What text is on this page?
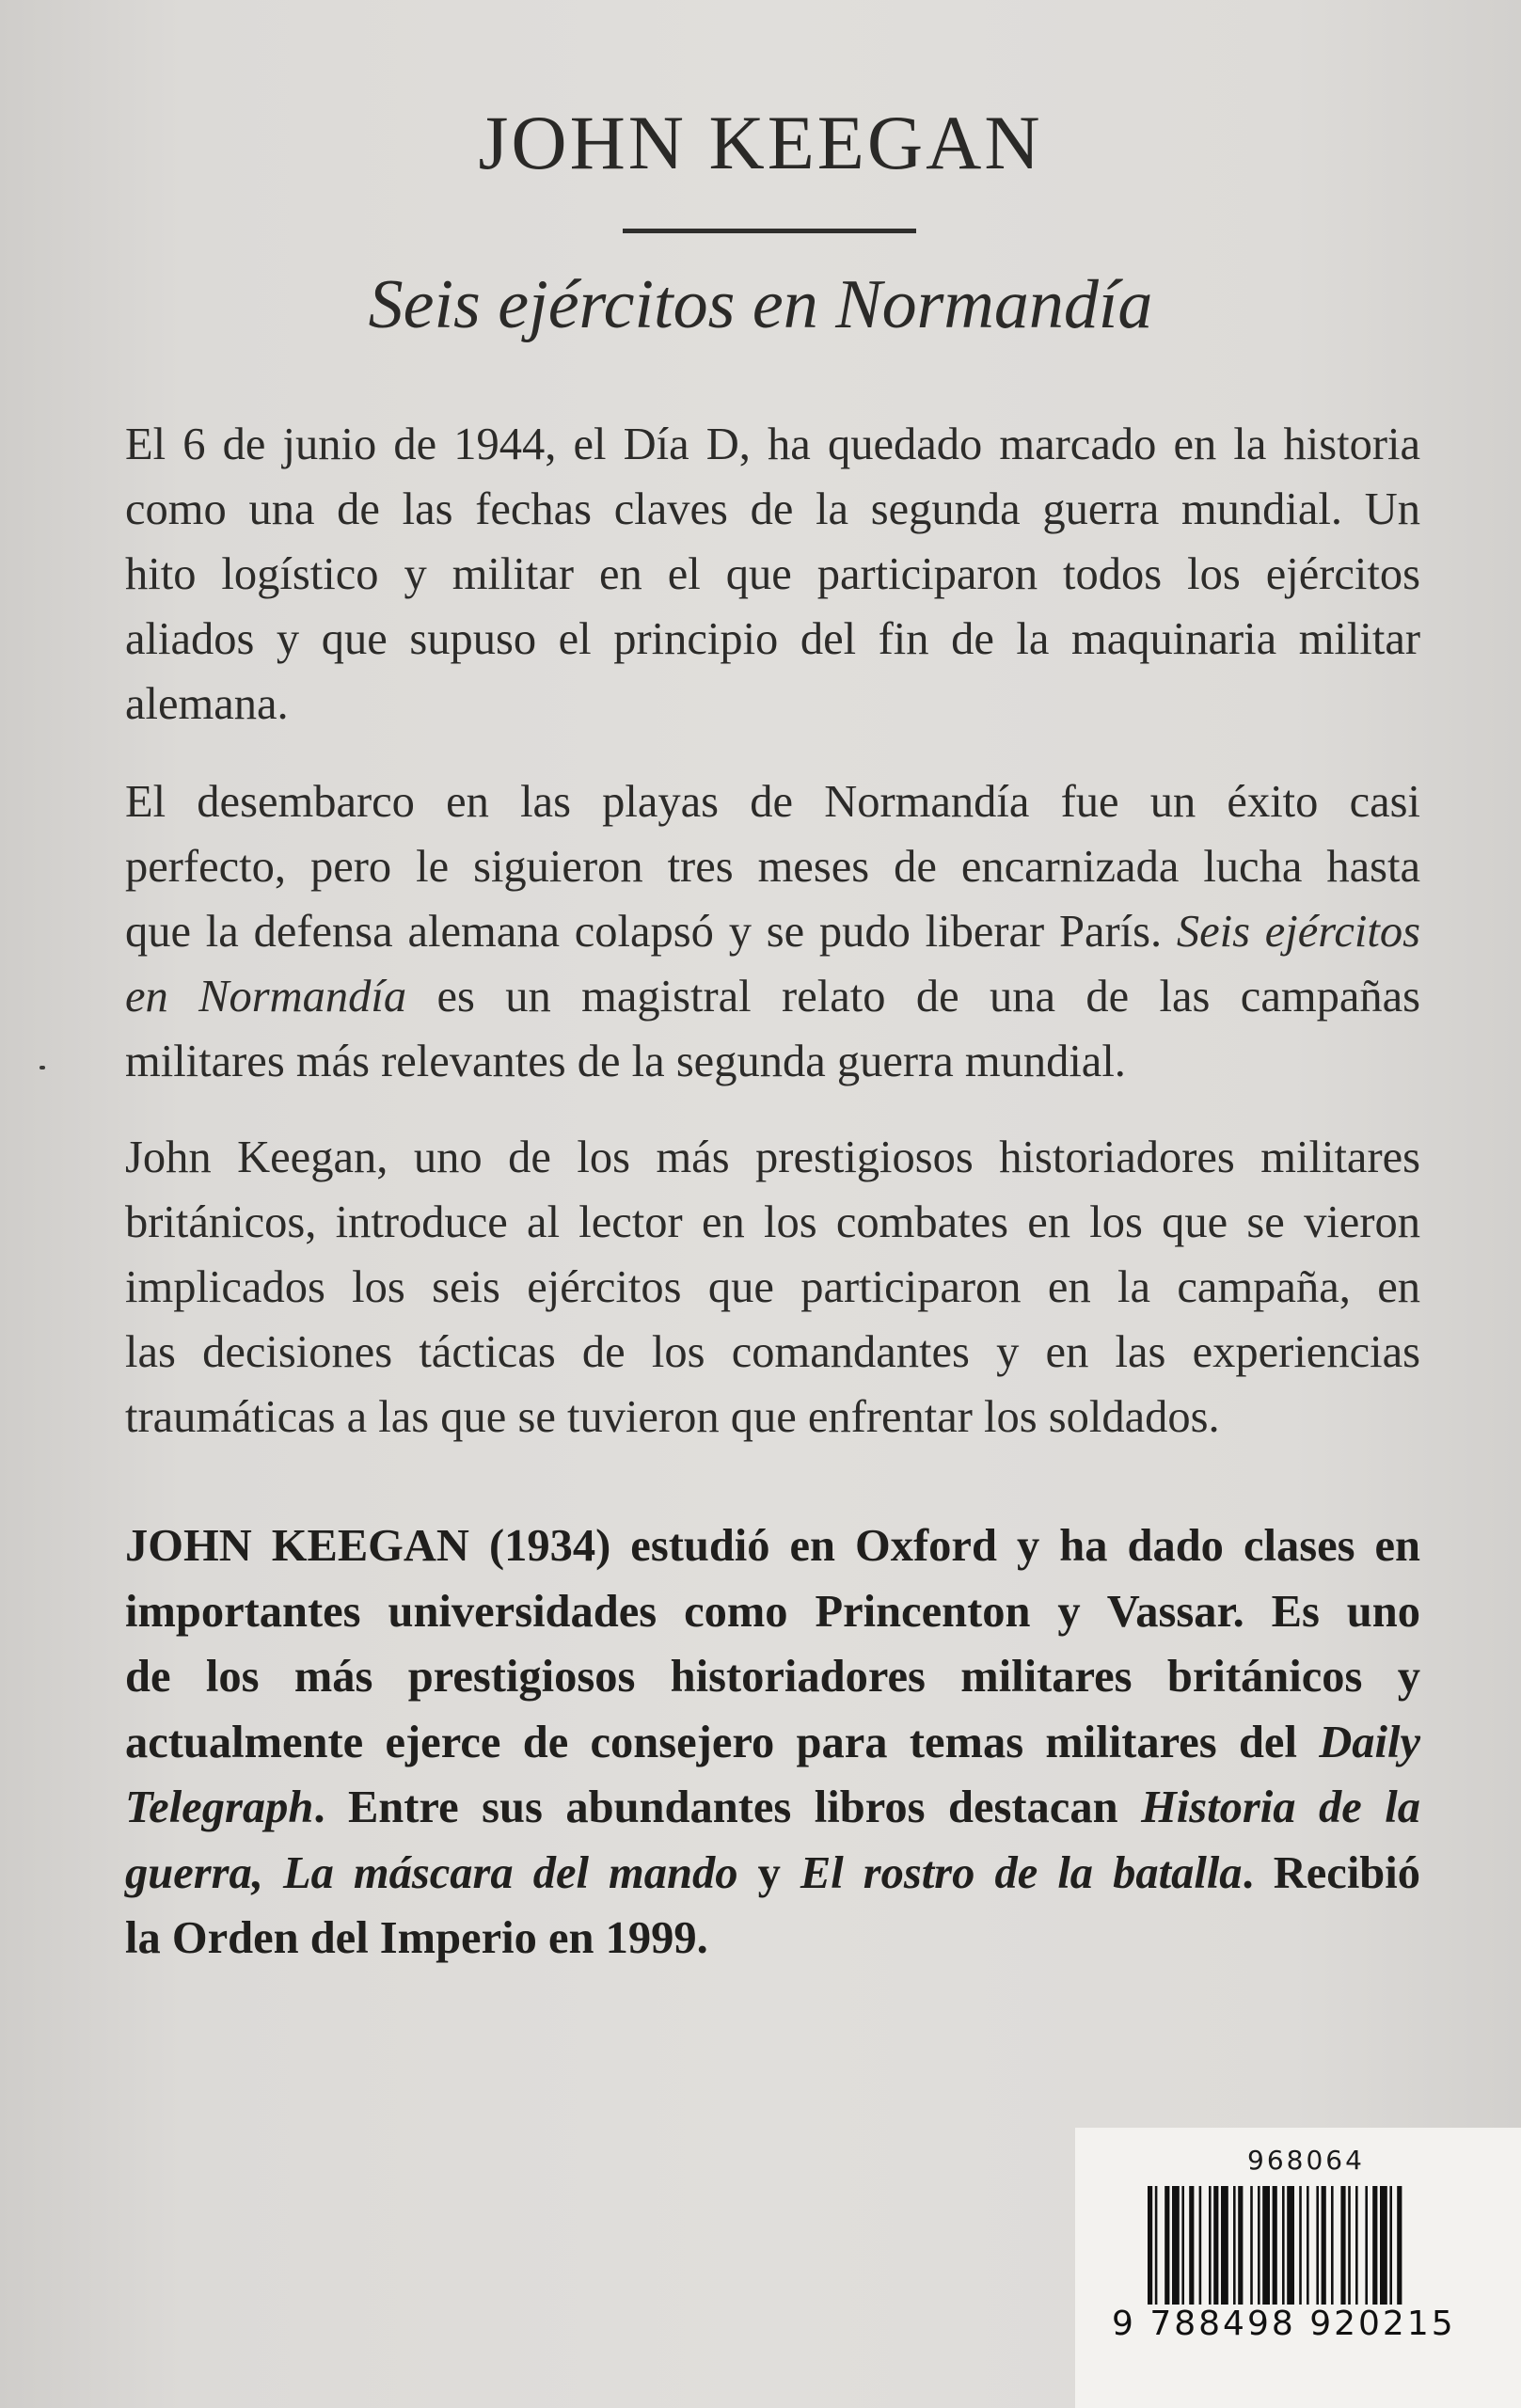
JOHN KEEGAN
Seis ejércitos en Normandía
El 6 de junio de 1944, el Día D, ha quedado marcado en la historia
como una de las fechas claves de la segunda guerra mundial. Un
hito logístico y militar en el que participaron todos los ejércitos
aliados y que supuso el principio del fin de la maquinaria militar
alemana.
El desembarco en las playas de Normandía fue un éxito casi
perfecto, pero le siguieron tres meses de encarnizada lucha hasta
que la defensa alemana colapsó y se pudo liberar París. Seis ejércitos
en Normandía es un magistral relato de una de las campañas
militares más relevantes de la segunda guerra mundial.
John Keegan, uno de los más prestigiosos historiadores militares
británicos, introduce al lector en los combates en los que se vieron
implicados los seis ejércitos que participaron en la campaña, en
las decisiones tácticas de los comandantes y en las experiencias
traumáticas a las que se tuvieron que enfrentar los soldados.
JOHN KEEGAN (1934) estudió en Oxford y ha dado clases en
importantes universidades como Princenton y Vassar. Es uno
de los más prestigiosos historiadores militares británicos y
actualmente ejerce de consejero para temas militares del Daily
Telegraph. Entre sus abundantes libros destacan Historia de la
guerra, La máscara del mando y El rostro de la batalla. Recibió
la Orden del Imperio en 1999.
968064
9 788498 920215
